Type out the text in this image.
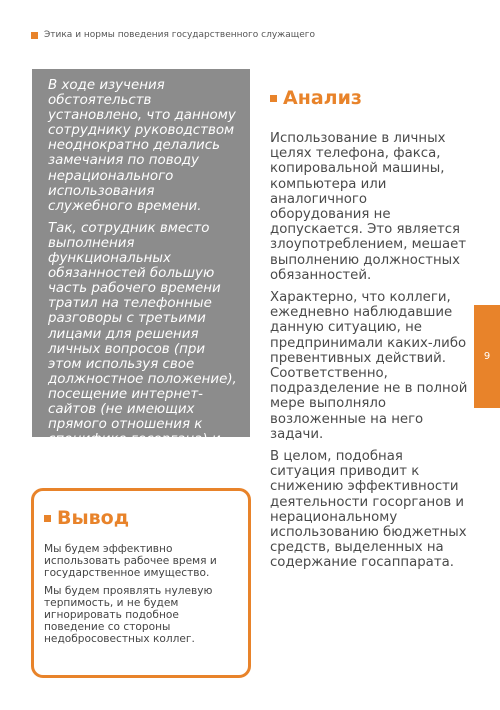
Этика и нормы поведения государственного служащего

В ходе изучения обстоятельств установлено, что данному сотруднику руководством неоднократно делались замечания по поводу нерационального использования служебного времени.

Так, сотрудник вместо выполнения функциональных обязанностей большую часть рабочего времени тратил на телефонные разговоры с третьими лицами для решения личных вопросов (при этом используя свое должностное положение), посещение интернет-сайтов (не имеющих прямого отношения к специфике госоргана) и на использование служебной почты.

Анализ

Использование в личных целях телефона, факса, копировальной машины, компьютера или аналогичного оборудования не допускается. Это является злоупотреблением, мешает выполнению должностных обязанностей.

Характерно, что коллеги, ежедневно наблюдавшие данную ситуацию, не предпринимали каких-либо превентивных действий. Соответственно, подразделение не в полной мере выполняло возложенные на него задачи.

В целом, подобная ситуация приводит к снижению эффективности деятельности госорганов и нерациональному использованию бюджетных средств, выделенных на содержание госаппарата.

Вывод

Мы будем эффективно использовать рабочее время и государственное имущество.

Мы будем проявлять нулевую терпимость, и не будем игнорировать подобное поведение со стороны недобросовестных коллег.

9
